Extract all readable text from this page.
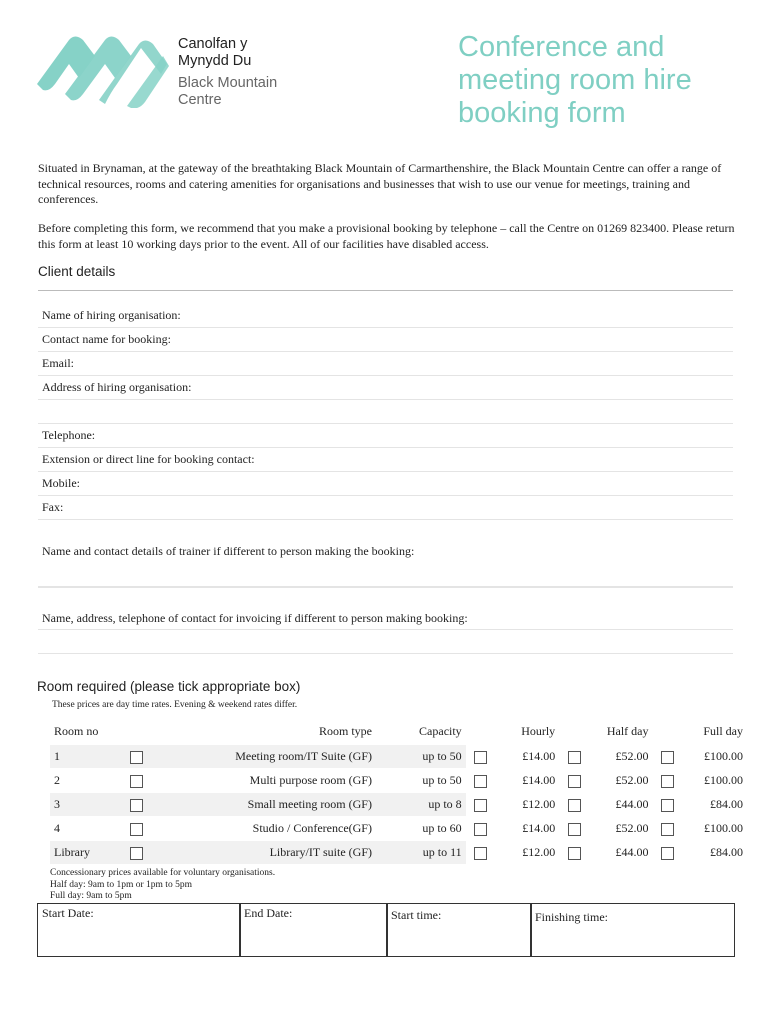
Canolfan y
Mynydd Du
Black Mountain
Centre
Conference and
meeting room hire
booking form
Situated in Brynaman, at the gateway of the breathtaking Black Mountain of Carmarthenshire, the Black Mountain Centre can offer a range of technical resources, rooms and catering amenities for organisations and businesses that wish to use our venue for meetings, training and conferences.
Before completing this form, we recommend that you make a provisional booking by telephone – call the Centre on 01269 823400. Please return this form at least 10 working days prior to the event. All of our facilities have disabled access.
Client details
Name of hiring organisation:
Contact name for booking:
Email:
Address of hiring organisation:
Telephone:
Extension or direct line for booking contact:
Mobile:
Fax:
Name and contact details of trainer if different to person making the booking:
Name, address, telephone of contact for invoicing if different to person making booking:
Room required (please tick appropriate box)
These prices are day time rates. Evening & weekend rates differ.
Room no		Room type	Capacity		Hourly		Half day		Full day
1		Meeting room/IT Suite (GF)	up to 50		£14.00		£52.00		£100.00
2		Multi purpose room (GF)	up to 50		£14.00		£52.00		£100.00
3		Small meeting room (GF)	up to 8		£12.00		£44.00		£84.00
4		Studio / Conference(GF)	up to 60		£14.00		£52.00		£100.00
Library		Library/IT suite (GF)	up to 11		£12.00		£44.00		£84.00
Concessionary prices available for voluntary organisations.
Half day: 9am to 1pm or 1pm to 5pm
Full day: 9am to 5pm
Start Date:	End Date:	Start time:	Finishing time:
